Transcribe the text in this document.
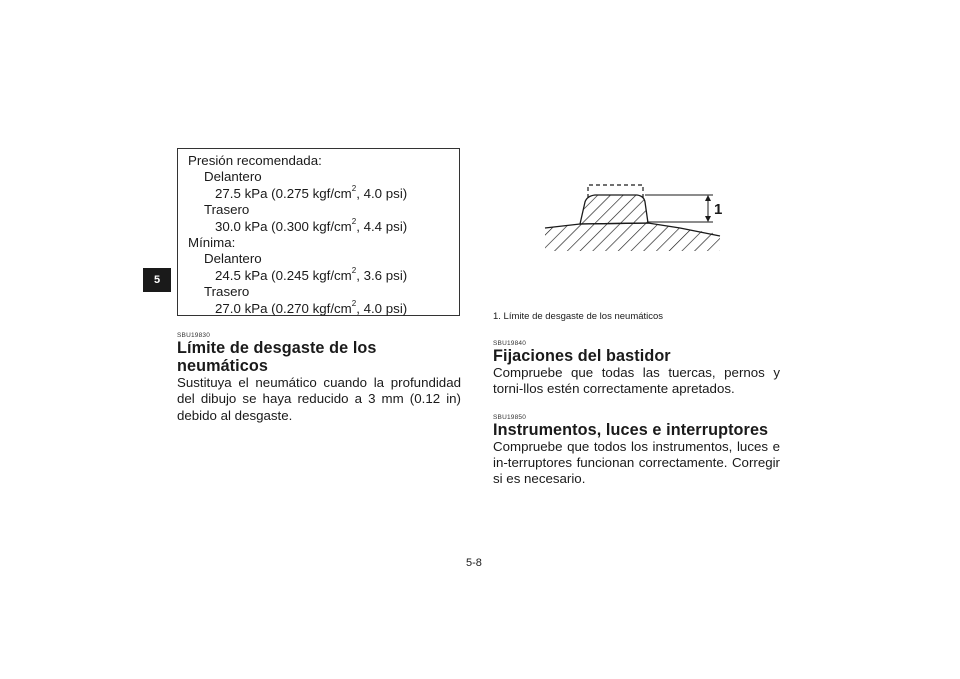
5
Presión recomendada:
Delantero
27.5 kPa (0.275 kgf/$cm^2$, 4.0 psi)
Trasero
30.0 kPa (0.300 kgf/$cm^2$, 4.4 psi)
Mínima:
Delantero
24.5 kPa (0.245 kgf/$cm^2$, 3.6 psi)
Trasero
27.0 kPa (0.270 kgf/$cm^2$, 4.0 psi)
SBU19830
Límite de desgaste de los neumáticos
Sustituya el neumático cuando la profundidad del dibujo se haya reducido a 3 mm (0.12 in) debido al desgaste.
1
1. Límite de desgaste de los neumáticos
SBU19840
Fijaciones del bastidor
Compruebe que todas las tuercas, pernos y torni-llos estén correctamente apretados.
SBU19850
Instrumentos, luces e interruptores
Compruebe que todos los instrumentos, luces e in-terruptores funcionan correctamente. Corregir si es necesario.
5-8
